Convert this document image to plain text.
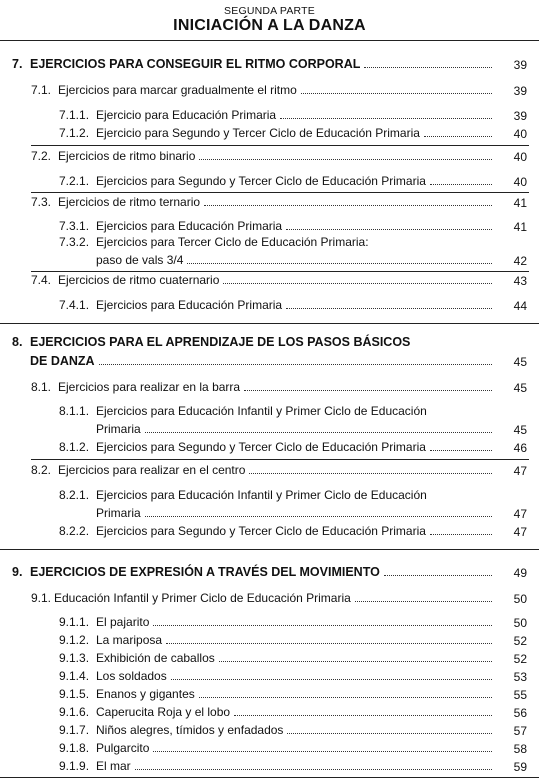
SEGUNDA PARTE
INICIACIÓN A LA DANZA
7. EJERCICIOS PARA CONSEGUIR EL RITMO CORPORAL	39
7.1. Ejercicios para marcar gradualmente el ritmo	39
7.1.1. Ejercicio para Educación Primaria	39
7.1.2. Ejercicio para Segundo y Tercer Ciclo de Educación Primaria	40
7.2. Ejercicios de ritmo binario	40
7.2.1. Ejercicios para Segundo y Tercer Ciclo de Educación Primaria	40
7.3. Ejercicios de ritmo ternario	41
7.3.1. Ejercicios para Educación Primaria	41
7.3.2. Ejercicios para Tercer Ciclo de Educación Primaria:
paso de vals 3/4	42
7.4. Ejercicios de ritmo cuaternario	43
7.4.1. Ejercicios para Educación Primaria	44
8. EJERCICIOS PARA EL APRENDIZAJE DE LOS PASOS BÁSICOS
DE DANZA	45
8.1. Ejercicios para realizar en la barra	45
8.1.1. Ejercicios para Educación Infantil y Primer Ciclo de Educación
Primaria	45
8.1.2. Ejercicios para Segundo y Tercer Ciclo de Educación Primaria	46
8.2. Ejercicios para realizar en el centro	47
8.2.1. Ejercicios para Educación Infantil y Primer Ciclo de Educación
Primaria	47
8.2.2. Ejercicios para Segundo y Tercer Ciclo de Educación Primaria	47
9. EJERCICIOS DE EXPRESIÓN A TRAVÉS DEL MOVIMIENTO	49
9.1. Educación Infantil y Primer Ciclo de Educación Primaria	50
9.1.1. El pajarito	50
9.1.2. La mariposa	52
9.1.3. Exhibición de caballos	52
9.1.4. Los soldados	53
9.1.5. Enanos y gigantes	55
9.1.6. Caperucita Roja y el lobo	56
9.1.7. Niños alegres, tímidos y enfadados	57
9.1.8. Pulgarcito	58
9.1.9. El mar	59
